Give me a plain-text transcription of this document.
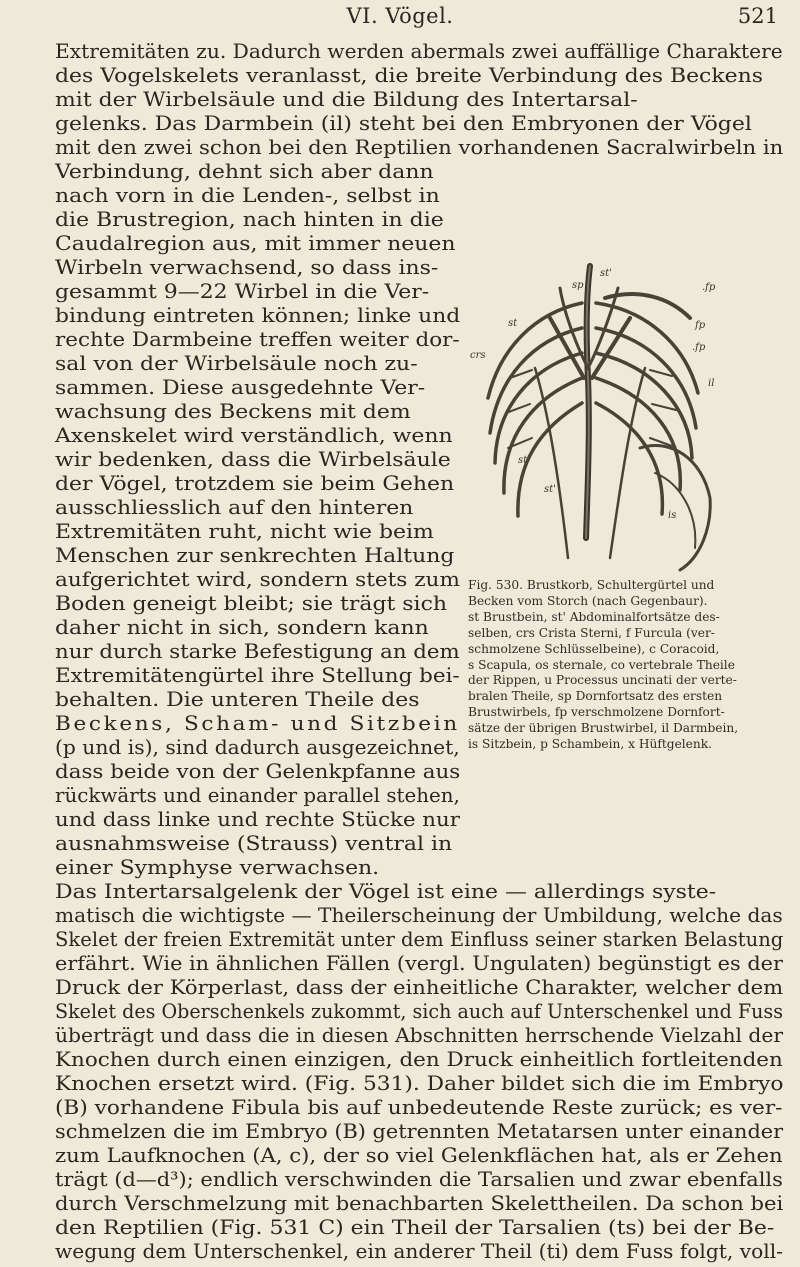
VI. Vögel.	521
Extremitäten zu. Dadurch werden abermals zwei auffällige Charaktere
des Vogelskelets veranlasst, die breite Verbindung des Beckens
mit der Wirbelsäule und die Bildung des Intertarsal-
gelenks. Das Darmbein (il) steht bei den Embryonen der Vögel
mit den zwei schon bei den Reptilien vorhandenen Sacralwirbeln in
Verbindung, dehnt sich aber dann
nach vorn in die Lenden-, selbst in
die Brustregion, nach hinten in die
Caudalregion aus, mit immer neuen
Wirbeln verwachsend, so dass ins-
gesammt 9—22 Wirbel in die Ver-
bindung eintreten können; linke und
rechte Darmbeine treffen weiter dor-
sal von der Wirbelsäule noch zu-
sammen. Diese ausgedehnte Ver-
wachsung des Beckens mit dem
Axenskelet wird verständlich, wenn
wir bedenken, dass die Wirbelsäule
der Vögel, trotzdem sie beim Gehen
ausschliesslich auf den hinteren
Extremitäten ruht, nicht wie beim
Menschen zur senkrechten Haltung
aufgerichtet wird, sondern stets zum
Boden geneigt bleibt; sie trägt sich
daher nicht in sich, sondern kann
nur durch starke Befestigung an dem
Extremitätengürtel ihre Stellung bei-
behalten. Die unteren Theile des
Beckens, Scham- und Sitzbein
(p und is), sind dadurch ausgezeichnet,
dass beide von der Gelenkpfanne aus
rückwärts und einander parallel stehen,
und dass linke und rechte Stücke nur
ausnahmsweise (Strauss) ventral in
einer Symphyse verwachsen.
crs
st
sp
st'
fp
.fp
.fp
il
st
st'
is
Fig. 530. Brustkorb, Schultergürtel und
Becken vom Storch (nach Gegenbaur).
st Brustbein, st' Abdominalfortsätze des-
selben, crs Crista Sterni, f Furcula (ver-
schmolzene Schlüsselbeine), c Coracoid,
s Scapula, os sternale, co vertebrale Theile
der Rippen, u Processus uncinati der verte-
bralen Theile, sp Dornfortsatz des ersten
Brustwirbels, fp verschmolzene Dornfort-
sätze der übrigen Brustwirbel, il Darmbein,
is Sitzbein, p Schambein, x Hüftgelenk.
Das Intertarsalgelenk der Vögel ist eine — allerdings syste-
matisch die wichtigste — Theilerscheinung der Umbildung, welche das
Skelet der freien Extremität unter dem Einfluss seiner starken Belastung
erfährt. Wie in ähnlichen Fällen (vergl. Ungulaten) begünstigt es der
Druck der Körperlast, dass der einheitliche Charakter, welcher dem
Skelet des Oberschenkels zukommt, sich auch auf Unterschenkel und Fuss
überträgt und dass die in diesen Abschnitten herrschende Vielzahl der
Knochen durch einen einzigen, den Druck einheitlich fortleitenden
Knochen ersetzt wird. (Fig. 531). Daher bildet sich die im Embryo
(B) vorhandene Fibula bis auf unbedeutende Reste zurück; es ver-
schmelzen die im Embryo (B) getrennten Metatarsen unter einander
zum Laufknochen (A, c), der so viel Gelenkflächen hat, als er Zehen
trägt (d—d³); endlich verschwinden die Tarsalien und zwar ebenfalls
durch Verschmelzung mit benachbarten Skelettheilen. Da schon bei
den Reptilien (Fig. 531 C) ein Theil der Tarsalien (ts) bei der Be-
wegung dem Unterschenkel, ein anderer Theil (ti) dem Fuss folgt, voll-
